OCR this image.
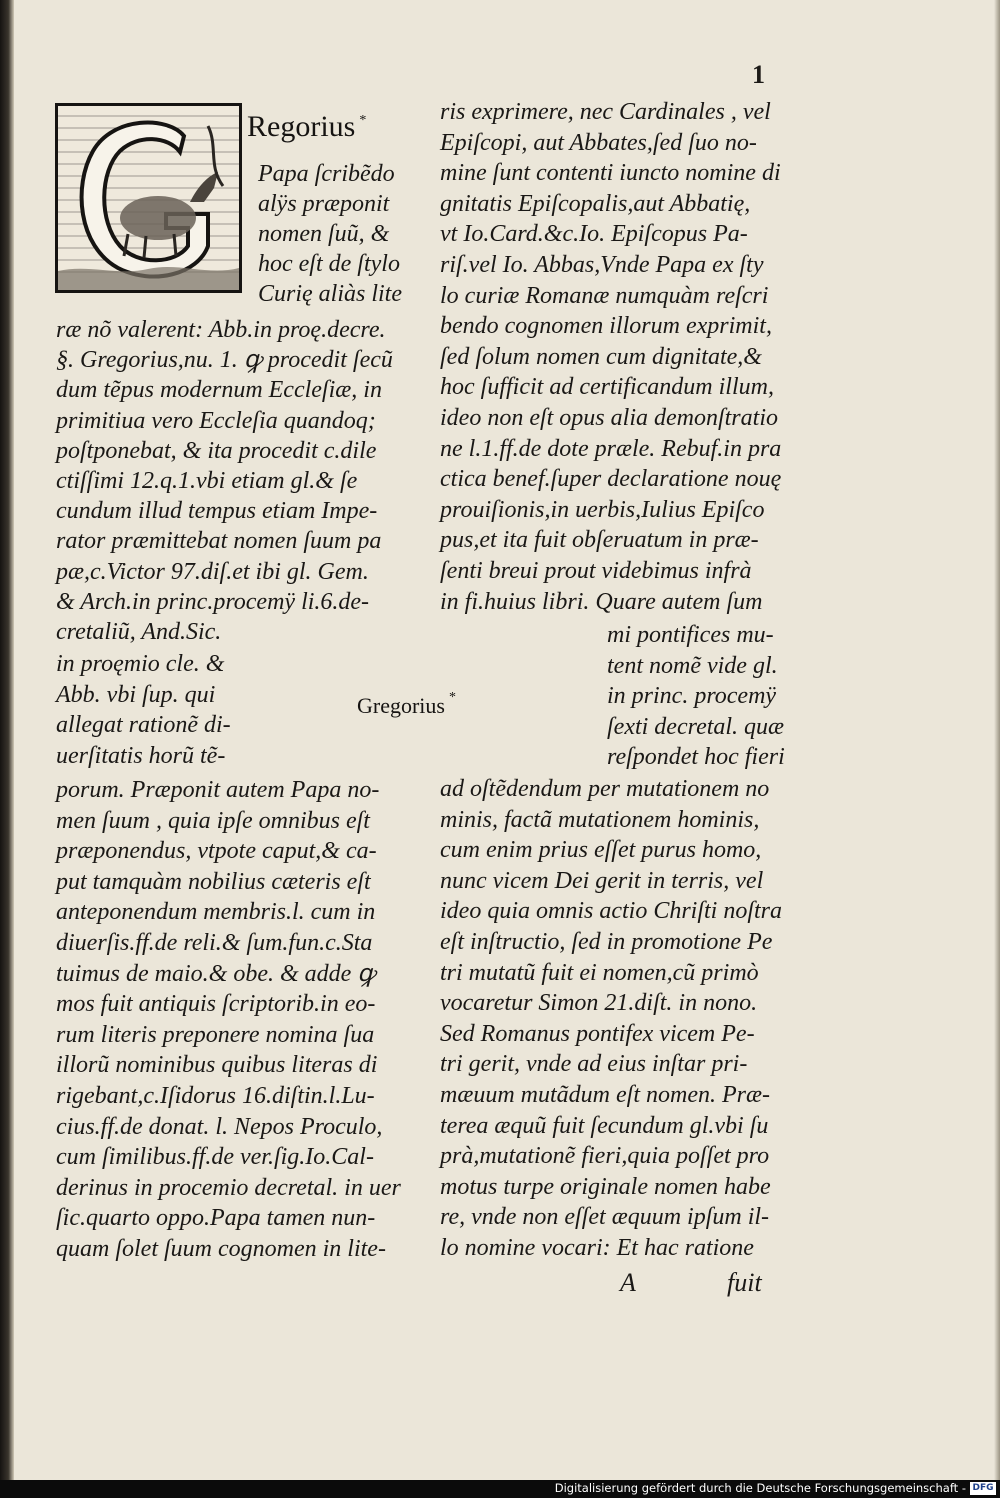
1
A	fuit
Regorius *
Papa ſcribẽdo
alÿs præponit
nomen ſuũ, &
hoc eſt de ſtylo
Curię aliàs lite
ræ nõ valerent: Abb.in proę.decre.
§. Gregorius,nu. 1. ꝙ procedit ſecũ
dum tẽpus modernum Eccleſiæ, in
primitiua vero Eccleſia quandoq;
poſtponebat, & ita procedit c.dile
ctiſſimi 12.q.1.vbi etiam gl.& ſe
cundum illud tempus etiam Impe-
rator præmittebat nomen ſuum pa
pæ,c.Victor 97.diſ.et ibi gl. Gem.
& Arch.in princ.procemÿ li.6.de-
cretaliũ, And.Sic.
in proęmio cle. &
Abb. vbi ſup. qui
allegat rationẽ di-
uerſitatis horũ tẽ-
porum. Præponit autem Papa no-
men ſuum , quia ipſe omnibus eſt
præponendus, vtpote caput,& ca-
put tamquàm nobilius cæteris eſt
anteponendum membris.l. cum in
diuerſis.ff.de reli.& ſum.fun.c.Sta
tuimus de maio.& obe. & adde ꝙ
mos fuit antiquis ſcriptorib.in eo-
rum literis preponere nomina ſua
illorũ nominibus quibus literas di
rigebant,c.Iſidorus 16.diſtin.l.Lu-
cius.ff.de donat. l. Nepos Proculo,
cum ſimilibus.ff.de ver.ſig.Io.Cal-
derinus in procemio decretal. in uer
ſic.quarto oppo.Papa tamen nun-
quam ſolet ſuum cognomen in lite-
Gregorius *
ris exprimere, nec Cardinales , vel
Epiſcopi, aut Abbates,ſed ſuo no-
mine ſunt contenti iuncto nomine di
gnitatis Epiſcopalis,aut Abbatię,
vt Io.Card.&c.Io. Epiſcopus Pa-
riſ.vel Io. Abbas,Vnde Papa ex ſty
lo curiæ Romanæ numquàm reſcri
bendo cognomen illorum exprimit,
ſed ſolum nomen cum dignitate,&
hoc ſufficit ad certificandum illum,
ideo non eſt opus alia demonſtratio
ne l.1.ff.de dote præle. Rebuf.in pra
ctica benef.ſuper declaratione nouę
prouiſionis,in uerbis,Iulius Epiſco
pus,et ita fuit obſeruatum in præ-
ſenti breui prout videbimus infrà
in fi.huius libri. Quare autem ſum
mi pontifices mu-
tent nomẽ vide gl.
in princ. procemÿ
ſexti decretal. quæ
reſpondet hoc fieri
ad oſtẽdendum per mutationem no
minis, factã mutationem hominis,
cum enim prius eſſet purus homo,
nunc vicem Dei gerit in terris, vel
ideo quia omnis actio Chriſti noſtra
eſt inſtructio, ſed in promotione Pe
tri mutatũ fuit ei nomen,cũ primò
vocaretur Simon 21.diſt. in nono.
Sed Romanus pontifex vicem Pe-
tri gerit, vnde ad eius inſtar pri-
mæuum mutãdum eſt nomen. Præ-
terea æquũ fuit ſecundum gl.vbi ſu
prà,mutationẽ fieri,quia poſſet pro
motus turpe originale nomen habe
re, vnde non eſſet æquum ipſum il-
lo nomine vocari: Et hac ratione
Digitalisierung gefördert durch die Deutsche Forschungsgemeinschaft - DFG
